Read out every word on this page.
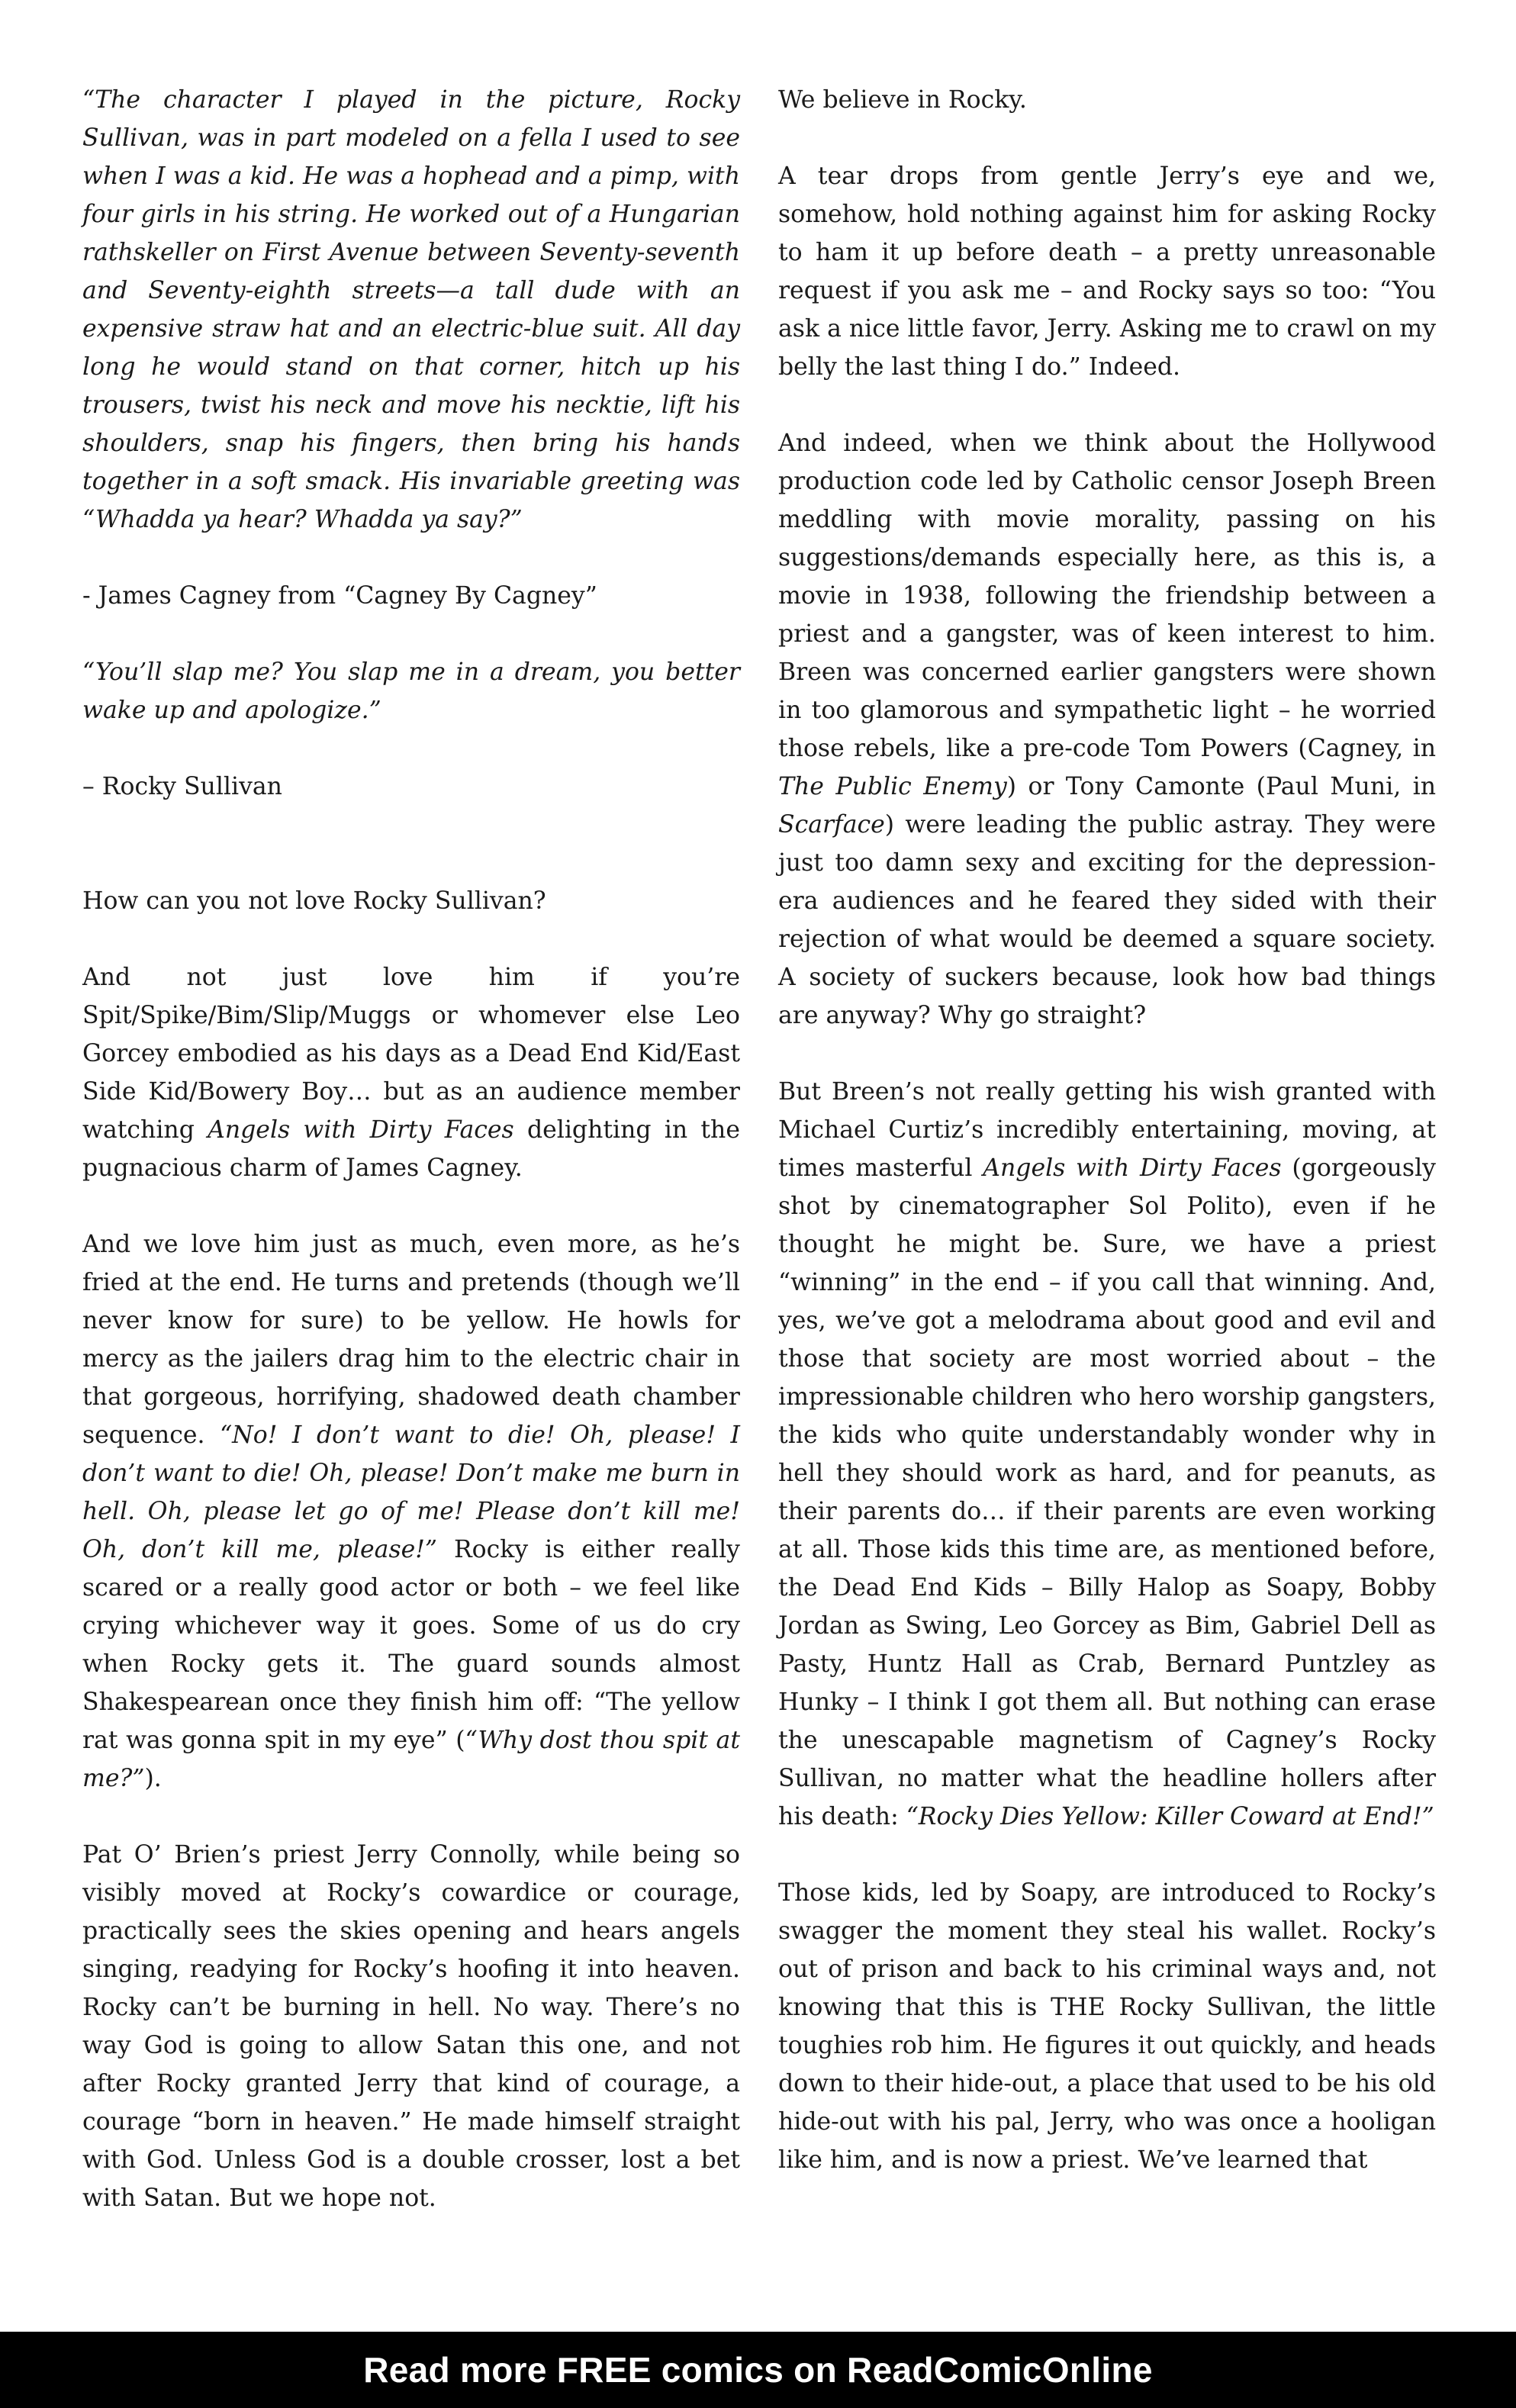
“The character I played in the picture, Rocky Sullivan, was in part modeled on a fella I used to see when I was a kid. He was a hophead and a pimp, with four girls in his string. He worked out of a Hungarian rathskeller on First Avenue between Seventy-seventh and Seventy-eighth streets—a tall dude with an expensive straw hat and an electric-blue suit. All day long he would stand on that corner, hitch up his trousers, twist his neck and move his necktie, lift his shoulders, snap his fingers, then bring his hands together in a soft smack. His invariable greeting was “Whadda ya hear? Whadda ya say?”

- James Cagney from “Cagney By Cagney”

“You’ll slap me? You slap me in a dream, you better wake up and apologize.”

– Rocky Sullivan

How can you not love Rocky Sullivan?

And not just love him if you’re Spit/Spike/Bim/Slip/Muggs or whomever else Leo Gorcey embodied as his days as a Dead End Kid/East Side Kid/Bowery Boy… but as an audience member watching Angels with Dirty Faces delighting in the pugnacious charm of James Cagney.

And we love him just as much, even more, as he’s fried at the end. He turns and pretends (though we’ll never know for sure) to be yellow. He howls for mercy as the jailers drag him to the electric chair in that gorgeous, horrifying, shadowed death chamber sequence. “No! I don’t want to die! Oh, please! I don’t want to die! Oh, please! Don’t make me burn in hell. Oh, please let go of me! Please don’t kill me! Oh, don’t kill me, please!” Rocky is either really scared or a really good actor or both – we feel like crying whichever way it goes. Some of us do cry when Rocky gets it. The guard sounds almost Shakespearean once they finish him off: “The yellow rat was gonna spit in my eye” (“Why dost thou spit at me?”).

Pat O’ Brien’s priest Jerry Connolly, while being so visibly moved at Rocky’s cowardice or courage, practically sees the skies opening and hears angels singing, readying for Rocky’s hoofing it into heaven. Rocky can’t be burning in hell. No way. There’s no way God is going to allow Satan this one, and not after Rocky granted Jerry that kind of courage, a courage “born in heaven.” He made himself straight with God. Unless God is a double crosser, lost a bet with Satan. But we hope not.

We believe in Rocky.

A tear drops from gentle Jerry’s eye and we, somehow, hold nothing against him for asking Rocky to ham it up before death – a pretty unreasonable request if you ask me – and Rocky says so too: “You ask a nice little favor, Jerry. Asking me to crawl on my belly the last thing I do.” Indeed.

And indeed, when we think about the Hollywood production code led by Catholic censor Joseph Breen meddling with movie morality, passing on his suggestions/demands especially here, as this is, a movie in 1938, following the friendship between a priest and a gangster, was of keen interest to him. Breen was concerned earlier gangsters were shown in too glamorous and sympathetic light – he worried those rebels, like a pre-code Tom Powers (Cagney, in The Public Enemy) or Tony Camonte (Paul Muni, in Scarface) were leading the public astray. They were just too damn sexy and exciting for the depression-era audiences and he feared they sided with their rejection of what would be deemed a square society. A society of suckers because, look how bad things are anyway? Why go straight?

But Breen’s not really getting his wish granted with Michael Curtiz’s incredibly entertaining, moving, at times masterful Angels with Dirty Faces (gorgeously shot by cinematographer Sol Polito), even if he thought he might be. Sure, we have a priest “winning” in the end – if you call that winning. And, yes, we’ve got a melodrama about good and evil and those that society are most worried about – the impressionable children who hero worship gangsters, the kids who quite understandably wonder why in hell they should work as hard, and for peanuts, as their parents do… if their parents are even working at all. Those kids this time are, as mentioned before, the Dead End Kids – Billy Halop as Soapy, Bobby Jordan as Swing, Leo Gorcey as Bim, Gabriel Dell as Pasty, Huntz Hall as Crab, Bernard Puntzley as Hunky – I think I got them all. But nothing can erase the unescapable magnetism of Cagney’s Rocky Sullivan, no matter what the headline hollers after his death: “Rocky Dies Yellow: Killer Coward at End!”

Those kids, led by Soapy, are introduced to Rocky’s swagger the moment they steal his wallet. Rocky’s out of prison and back to his criminal ways and, not knowing that this is THE Rocky Sullivan, the little toughies rob him. He figures it out quickly, and heads down to their hide-out, a place that used to be his old hide-out with his pal, Jerry, who was once a hooligan like him, and is now a priest. We’ve learned that

Read more FREE comics on ReadComicOnline
